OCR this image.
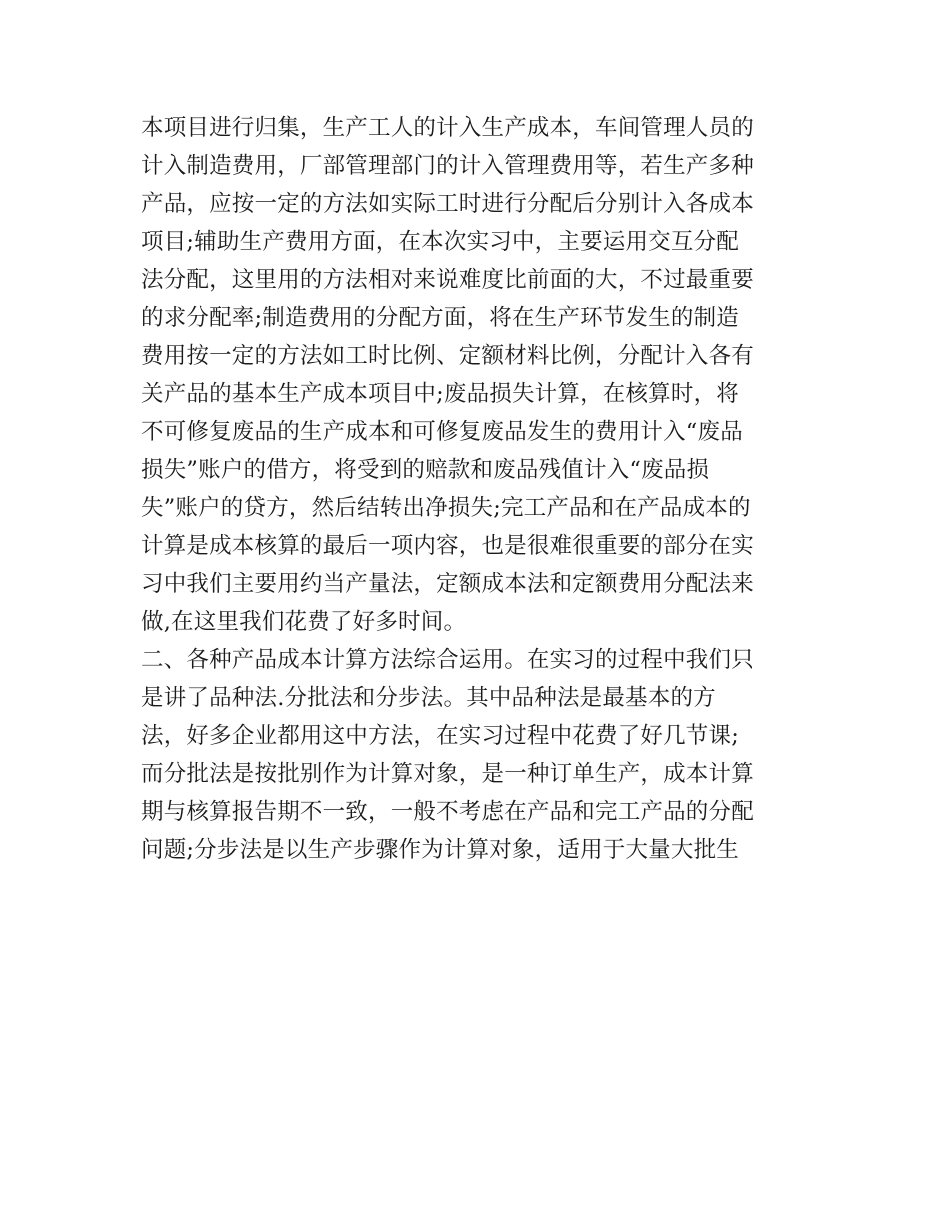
本项目进行归集，生产工人的计入生产成本，车间管理人员的
计入制造费用，厂部管理部门的计入管理费用等，若生产多种
产品，应按一定的方法如实际工时进行分配后分别计入各成本
项目;辅助生产费用方面，在本次实习中，主要运用交互分配
法分配，这里用的方法相对来说难度比前面的大，不过最重要
的求分配率;制造费用的分配方面，将在生产环节发生的制造
费用按一定的方法如工时比例、定额材料比例，分配计入各有
关产品的基本生产成本项目中;废品损失计算，在核算时，将
不可修复废品的生产成本和可修复废品发生的费用计入“废品
损失”账户的借方，将受到的赔款和废品残值计入“废品损
失”账户的贷方，然后结转出净损失;完工产品和在产品成本的
计算是成本核算的最后一项内容，也是很难很重要的部分在实
习中我们主要用约当产量法，定额成本法和定额费用分配法来
做,在这里我们花费了好多时间。
二、各种产品成本计算方法综合运用。在实习的过程中我们只
是讲了品种法.分批法和分步法。其中品种法是最基本的方
法，好多企业都用这中方法，在实习过程中花费了好几节课;
而分批法是按批别作为计算对象，是一种订单生产，成本计算
期与核算报告期不一致，一般不考虑在产品和完工产品的分配
问题;分步法是以生产步骤作为计算对象，适用于大量大批生
